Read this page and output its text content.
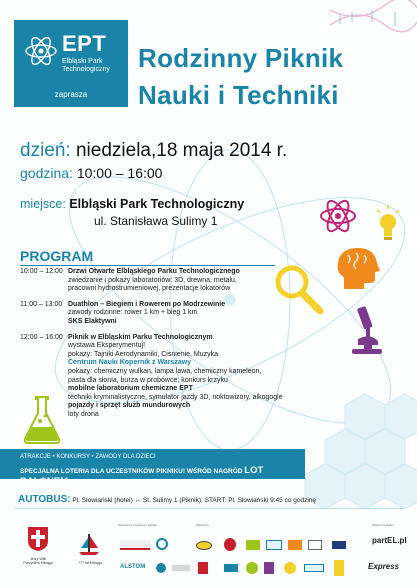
EPT
Elbląski Park Technologiczny
zaprasza
Rodzinny Piknik
Nauki i Techniki
dzień: niedziela,18 maja 2014 r.
godzina: 10:00 – 16:00
miejsce: Elbląski Park Technologiczny
ul. Stanisława Sulimy 1
PROGRAM
10:00 – 12:00 Drzwi Otwarte Elbląskiego Parku Technologicznego
zwiedzanie i pokazy laboratoriów: 3D, drewna, metalu,
pracowni hydrostrumieniowej, prezentacje lokatorów
11:00 – 13:00 Duathlon – Biegiem i Rowerem po Modrzewinie
zawody rodzinne: rower 1 km + bieg 1 km
SKS Elaktywni
12:00 – 16:00 Piknik w Elbląskim Parku Technologicznym
wystawa Eksperymentuj!
pokazy: Tajniki Aerodynamiki, Ciśnienie, Muzyka
Centrum Nauki Kopernik z Warszawy
pokazy: chemiczny wulkan, lampa lawa, chemiczny kameleon,
pasta dla słonia, burza w probówce, konkurs krzyku
mobilne laboratorium chemiczne EPT
techniki kryminalistyczne, symulator jazdy 3D, noktowizory, alkogogle
pojazdy i sprzęt służb mundurowych
loty drona
ATRAKCJE • KONKURSY • ZAWODY DLA DZIECI
SPECJALNA LOTERIA DLA UCZESTNIKÓW PIKNIKU! WŚRÓD NAGRÓD LOT BALONEM
AUTOBUS: Pl. Słowiański (hotel) ↔ St. Sulimy 1 (Piknik), START: Pl. Słowiański 9:45 co godzinę
Sponsorzy i partnerzy pikniku	Partnerzy	Patroni medialni
Jerzy Wilk
Prezydent Elbląga	777 lat Elbląga
partEL.pl
ALSTOM	Express
